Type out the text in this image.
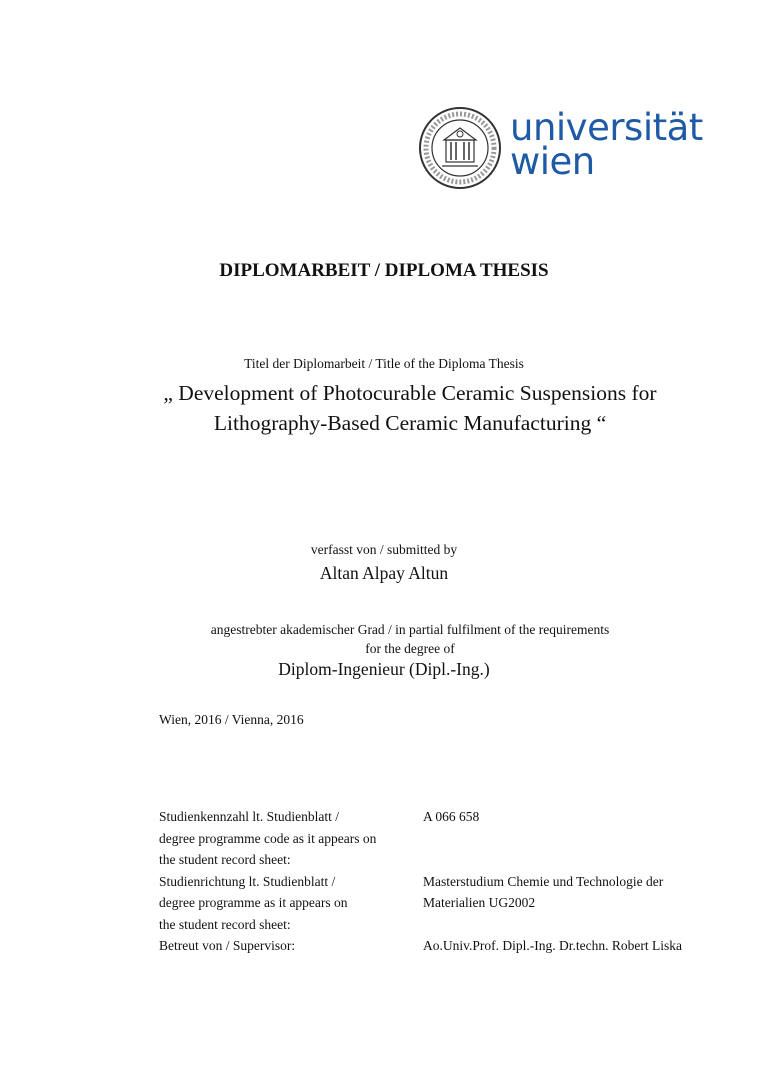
universität
wien
DIPLOMARBEIT / DIPLOMA THESIS
Titel der Diplomarbeit / Title of the Diploma Thesis
„ Development of Photocurable Ceramic Suspensions for
Lithography-Based Ceramic Manufacturing “
verfasst von / submitted by
Altan Alpay Altun
angestrebter akademischer Grad / in partial fulfilment of the requirements
for the degree of
Diplom-Ingenieur (Dipl.-Ing.)
Wien, 2016 / Vienna, 2016
Studienkennzahl lt. Studienblatt /
degree programme code as it appears on
the student record sheet:
A 066 658
Studienrichtung lt. Studienblatt /
degree programme as it appears on
the student record sheet:
Masterstudium Chemie und Technologie der
Materialien UG2002
Betreut von / Supervisor:	Ao.Univ.Prof. Dipl.-Ing. Dr.techn. Robert Liska
